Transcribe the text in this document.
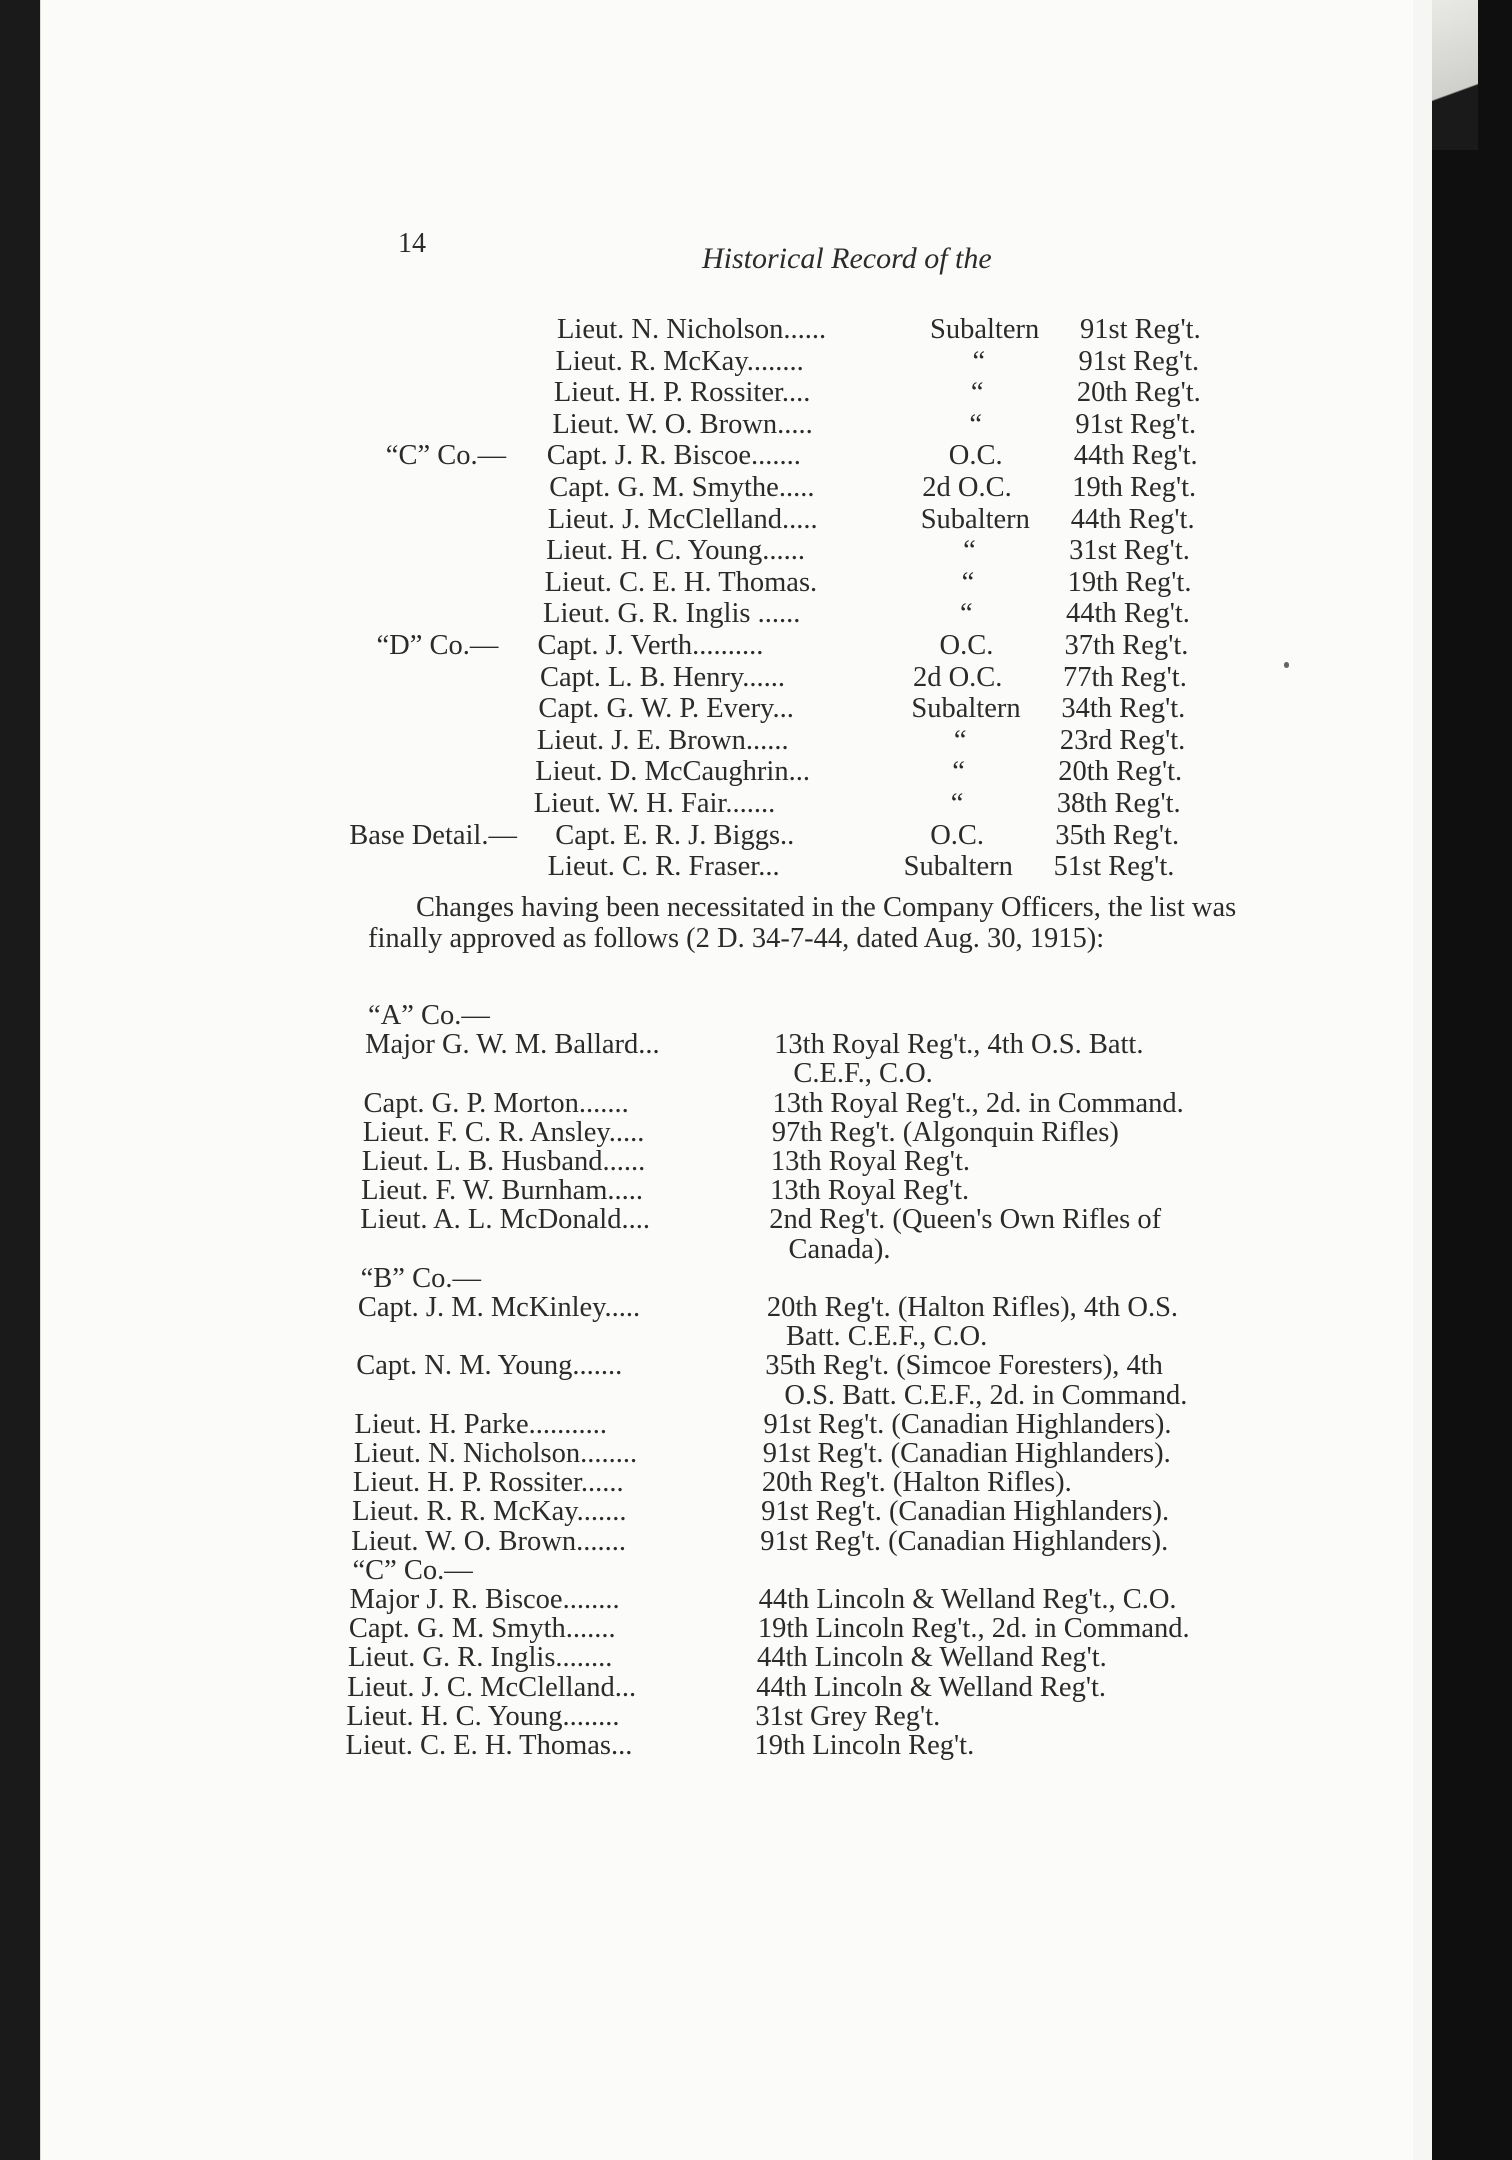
14	Historical Record of the
Lieut. N. Nicholson......	Subaltern 91st Reg't.
Lieut. R. McKay........	“	91st Reg't.
Lieut. H. P. Rossiter....	“	20th Reg't.
Lieut. W. O. Brown.....	“	91st Reg't.
“C” Co.— Capt. J. R. Biscoe.......	O.C. 44th Reg't.
Capt. G. M. Smythe.....	2d O.C. 19th Reg't.
Lieut. J. McClelland.....	Subaltern 44th Reg't.
Lieut. H. C. Young......	“	31st Reg't.
Lieut. C. E. H. Thomas.	“	19th Reg't.
Lieut. G. R. Inglis ......	“	44th Reg't.
“D” Co.— Capt. J. Verth..........	O.C. 37th Reg't.
Capt. L. B. Henry......	2d O.C. 77th Reg't.
Capt. G. W. P. Every...	Subaltern 34th Reg't.
Lieut. J. E. Brown......	“	23rd Reg't.
Lieut. D. McCaughrin...	“	20th Reg't.
Lieut. W. H. Fair.......	“	38th Reg't.
Base Detail.— Capt. E. R. J. Biggs..	O.C. 35th Reg't.
Lieut. C. R. Fraser...	Subaltern 51st Reg't.
Changes having been necessitated in the Company Officers, the list was finally approved as follows (2 D. 34-7-44, dated Aug. 30, 1915):
“A” Co.—
Major G. W. M. Ballard...	13th Royal Reg't., 4th O.S. Batt.
C.E.F., C.O.
Capt. G. P. Morton.......	13th Royal Reg't., 2d. in Command.
Lieut. F. C. R. Ansley.....	97th Reg't. (Algonquin Rifles)
Lieut. L. B. Husband......	13th Royal Reg't.
Lieut. F. W. Burnham.....	13th Royal Reg't.
Lieut. A. L. McDonald....	2nd Reg't. (Queen's Own Rifles of
Canada).
“B” Co.—
Capt. J. M. McKinley.....	20th Reg't. (Halton Rifles), 4th O.S.
Batt. C.E.F., C.O.
Capt. N. M. Young.......	35th Reg't. (Simcoe Foresters), 4th
O.S. Batt. C.E.F., 2d. in Command.
Lieut. H. Parke...........	91st Reg't. (Canadian Highlanders).
Lieut. N. Nicholson........	91st Reg't. (Canadian Highlanders).
Lieut. H. P. Rossiter......	20th Reg't. (Halton Rifles).
Lieut. R. R. McKay.......	91st Reg't. (Canadian Highlanders).
Lieut. W. O. Brown.......	91st Reg't. (Canadian Highlanders).
“C” Co.—
Major J. R. Biscoe........	44th Lincoln & Welland Reg't., C.O.
Capt. G. M. Smyth.......	19th Lincoln Reg't., 2d. in Command.
Lieut. G. R. Inglis........	44th Lincoln & Welland Reg't.
Lieut. J. C. McClelland...	44th Lincoln & Welland Reg't.
Lieut. H. C. Young........	31st Grey Reg't.
Lieut. C. E. H. Thomas...	19th Lincoln Reg't.
